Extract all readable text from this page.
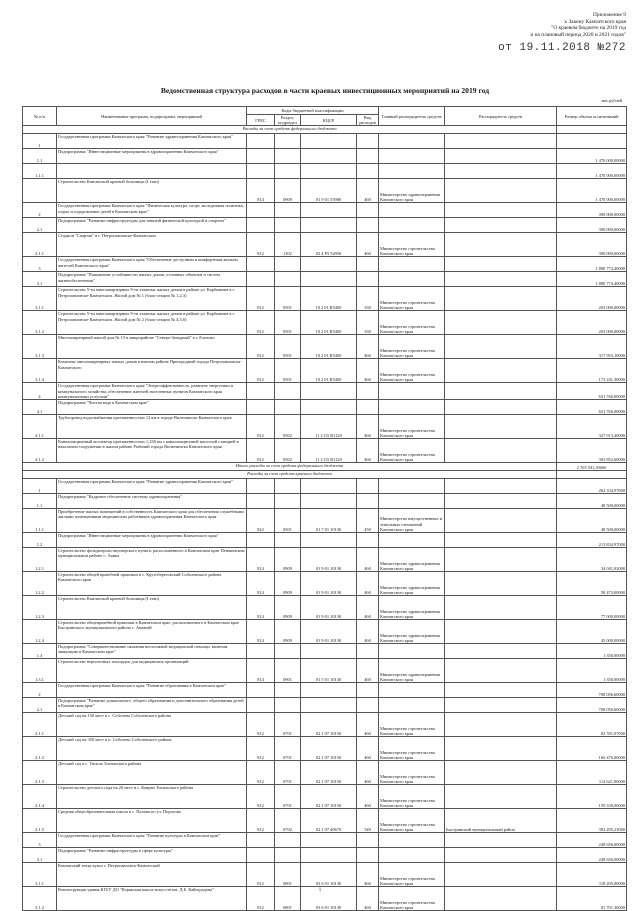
Приложение 9
к Закону Камчатского края
"О краевом бюджете на 2019 год
и на плановый период 2020 и 2021 годов"
от 19.11.2018 №272
Ведомственная структура расходов в части краевых инвестиционных мероприятий на 2019 год
тыс.рублей
№ п/п	Наименование программ, подпрограмм, мероприятий	Коды бюджетной классификации				Главный распорядитель средств	Распорядитель средств	Размер объема ассигнований
		ГРБС	Раздел, подраздел	КЦСР	Вид расходов			
Расходы за счет средств федерального бюджета								
1	Государственная программа Камчатского края "Развитие здравоохранения Камчатского края"							
1.1	Подпрограмма "Инвестиционные мероприятия в здравоохранении Камчатского края"							1 470 000,00000
1.1.1								1 470 000,00000
	Строительство Камчатской краевой больницы (I этап)	814	0909	01 9 01 55980	460	Министерство здравоохранения Камчатского края		1 470 000,00000
2	Государственная программа Камчатского края "Физическая культура, спорт, молодежная политика, отдых и оздоровление детей в Камчатском крае"							390 000,00000
2.1	Подпрограмма "Развитие инфраструктуры для занятий физической культурой и спортом"							390 000,00000
2.1.1	Стадион "Спартак" в г. Петропавловске-Камчатском	812	1102	02 4 P5 52950	460	Министерство строительства Камчатского края		390 000,00000
3	Государственная программа Камчатского края "Обеспечение доступным и комфортным жильем жителей Камчатского края"							1 880 774,40000
3.1	Подпрограмма "Повышение устойчивости жилых домов, основных объектов и систем жизнеобеспечения"							1 880 774,40000
3.1.1	Строительство 5-ти многоквартирных 9-ти этажных жилых домов в районе ул. Карбышева в г. Петропавловске-Камчатском. Жилой дом № 1 (блок-секции № 1,2,3)	812	0501	10 2 01 R5400	330	Министерство строительства Камчатского края		203 000,00000
3.1.2	Строительство 5-ти многоквартирных 9-ти этажных жилых домов в районе ул. Карбышева в г. Петропавловске-Камчатском. Жилой дом № 2 (блок-секции № 4,5,6)	812	0501	10 2 01 R5400	330	Министерство строительства Камчатского края		203 000,00000
3.1.3	Многоквартирный жилой дом № 15 в микрорайоне "Северо-Западный" в г. Елизово	812	0501	10 2 01 R5400	460	Министерство строительства Камчатского края		317 953,10000
3.1.4	Комплекс многоквартирных жилых домов в южном районе Пригородный города Петропавловска-Камчатского	812	0501	10 2 01 R5400	460	Министерство строительства Камчатского края		173 241,30000
4	Государственная программа Камчатского края "Энергоэффективность, развитие энергетики и коммунального хозяйства, обеспечение жителей населенных пунктов Камчатского края коммунальными услугами"							631 766,00000
4.1	Подпрограмма "Чистая вода в Камчатском крае"							631 766,00000
4.1.1	Трубопровод водоснабжения протяженностью 12 км в городе Вилючинске Камчатского края	812	0502	11 2 G5 R1120	460	Министерство строительства Камчатского края		327 913,40000
4.1.2	Канализационный коллектор протяженностью 1,238 км с канализационной насосной станцией в начальном сооружении в жилом районе Рыбачий города Вилючинска Камчатского края	812	0502	11 2 G5 R1120	460	Министерство строительства Камчатского края		303 852,60000
Итого расходы за счет средств федерального бюджета								2 703 541,30000
Расходы за счет средств краевого бюджета								
1	Государственная программа Камчатского края "Развитие здравоохранения Камчатского края"							262 334,97000
1.1	Подпрограмма "Кадровое обеспечение системы здравоохранения"							48 500,00000
1.1.1	Приобретение жилых помещений в собственность Камчатского края для обеспечения служебными жилыми помещениями медицинских работников здравоохранения Камчатского края	822	0501	01 7 01 10130	450	Министерство имущественных и земельных отношений Камчатского края		48 500,00000
1.2	Подпрограмма "Инвестиционные мероприятия в здравоохранении Камчатского края"							213 834,97000
1.2.1	Строительство фельдшерско-акушерского пункта, расположенного в Камчатском крае Пенжинском муниципальном районе с. Аянка	814	0909	01 9 01 10130	460	Министерство здравоохранения Камчатского края		34 041,02000
1.2.2	Строительство общей врачебной практики в с. Крутобереговский Соболевского района Камчатского края	814	0909	01 9 01 10130	460	Министерство здравоохранения Камчатского края		58 473,00000
1.2.3	Строительство Камчатской краевой больницы (I этап)	814	0909	01 9 01 10130	460	Министерство здравоохранения Камчатского края		77 000,00000
1.2.4	Строительство общеврачебной практики в Камчатском крае, расположенного в Камчатском крае Быстринского муниципального района с. Анавгай	814	0909	01 9 01 10130	460	Министерство здравоохранения Камчатского края		45 000,00000
1.3	Подпрограмма "Совершенствование оказания неотложной медицинской помощи, включая эвакуацию в Камчатском крае"							1 350,00000
1.3.1	Строительство вертолетных площадок для медицинских организаций	814	0901	01 5 01 10130	460	Министерство здравоохранения Камчатского края		1 350,00000
2	Государственная программа Камчатского края "Развитие образования в Камчатском крае"							708 056,60000
2.1	Подпрограмма "Развитие дошкольного, общего образования и дополнительного образования детей в Камчатском крае"							708 056,60000
2.1.1	Детский сад на 150 мест в с. Соболево Соболевского района	812	0701	02 1 07 10150	460	Министерство строительства Камчатского края		82 591,07000
2.1.2	Детский сад на 350 мест в п. Соболево Соболевского района	812	0701	02 1 07 10150	460	Министерство строительства Камчатского края		166 476,00000
2.1.3	Детский сад в с. Тигиль Тигильского района	812	0701	02 1 07 10150	460	Министерство строительства Камчатского края		114 621,00000
2.1.4	Строительство детского сада на 20 мест в с. Ковран Тигильского района	812	0701	02 1 07 10150	460	Министерство строительства Камчатского края		159 330,00000
2.1.5	Средняя общеобразовательная школа в с. Паланa по ул. Поротова	812	0702	02 1 07 40670	540	Министерство строительства Камчатского края	Быстринский муниципальный район	392 205,23000
3	Государственная программа Камчатского края "Развитие культуры в Камчатском крае"							248 656,00000
3.1	Подпрограмма "Развитие инфраструктуры в сфере культуры"							248 656,00000
3.1.1	Камчатский театр кукол г. Петропавловск-Камчатский	812	0801	03 6 01 10130	460	Министерство строительства Камчатского края		118 205,00000
3.1.2	Реконструкция здания КГБУ ДО "Корякская школа искусств им. Д.Б. Кайгородова"	812	0801	03 6 01 10130	460	Министерство строительства Камчатского края		81 701,36000
1
